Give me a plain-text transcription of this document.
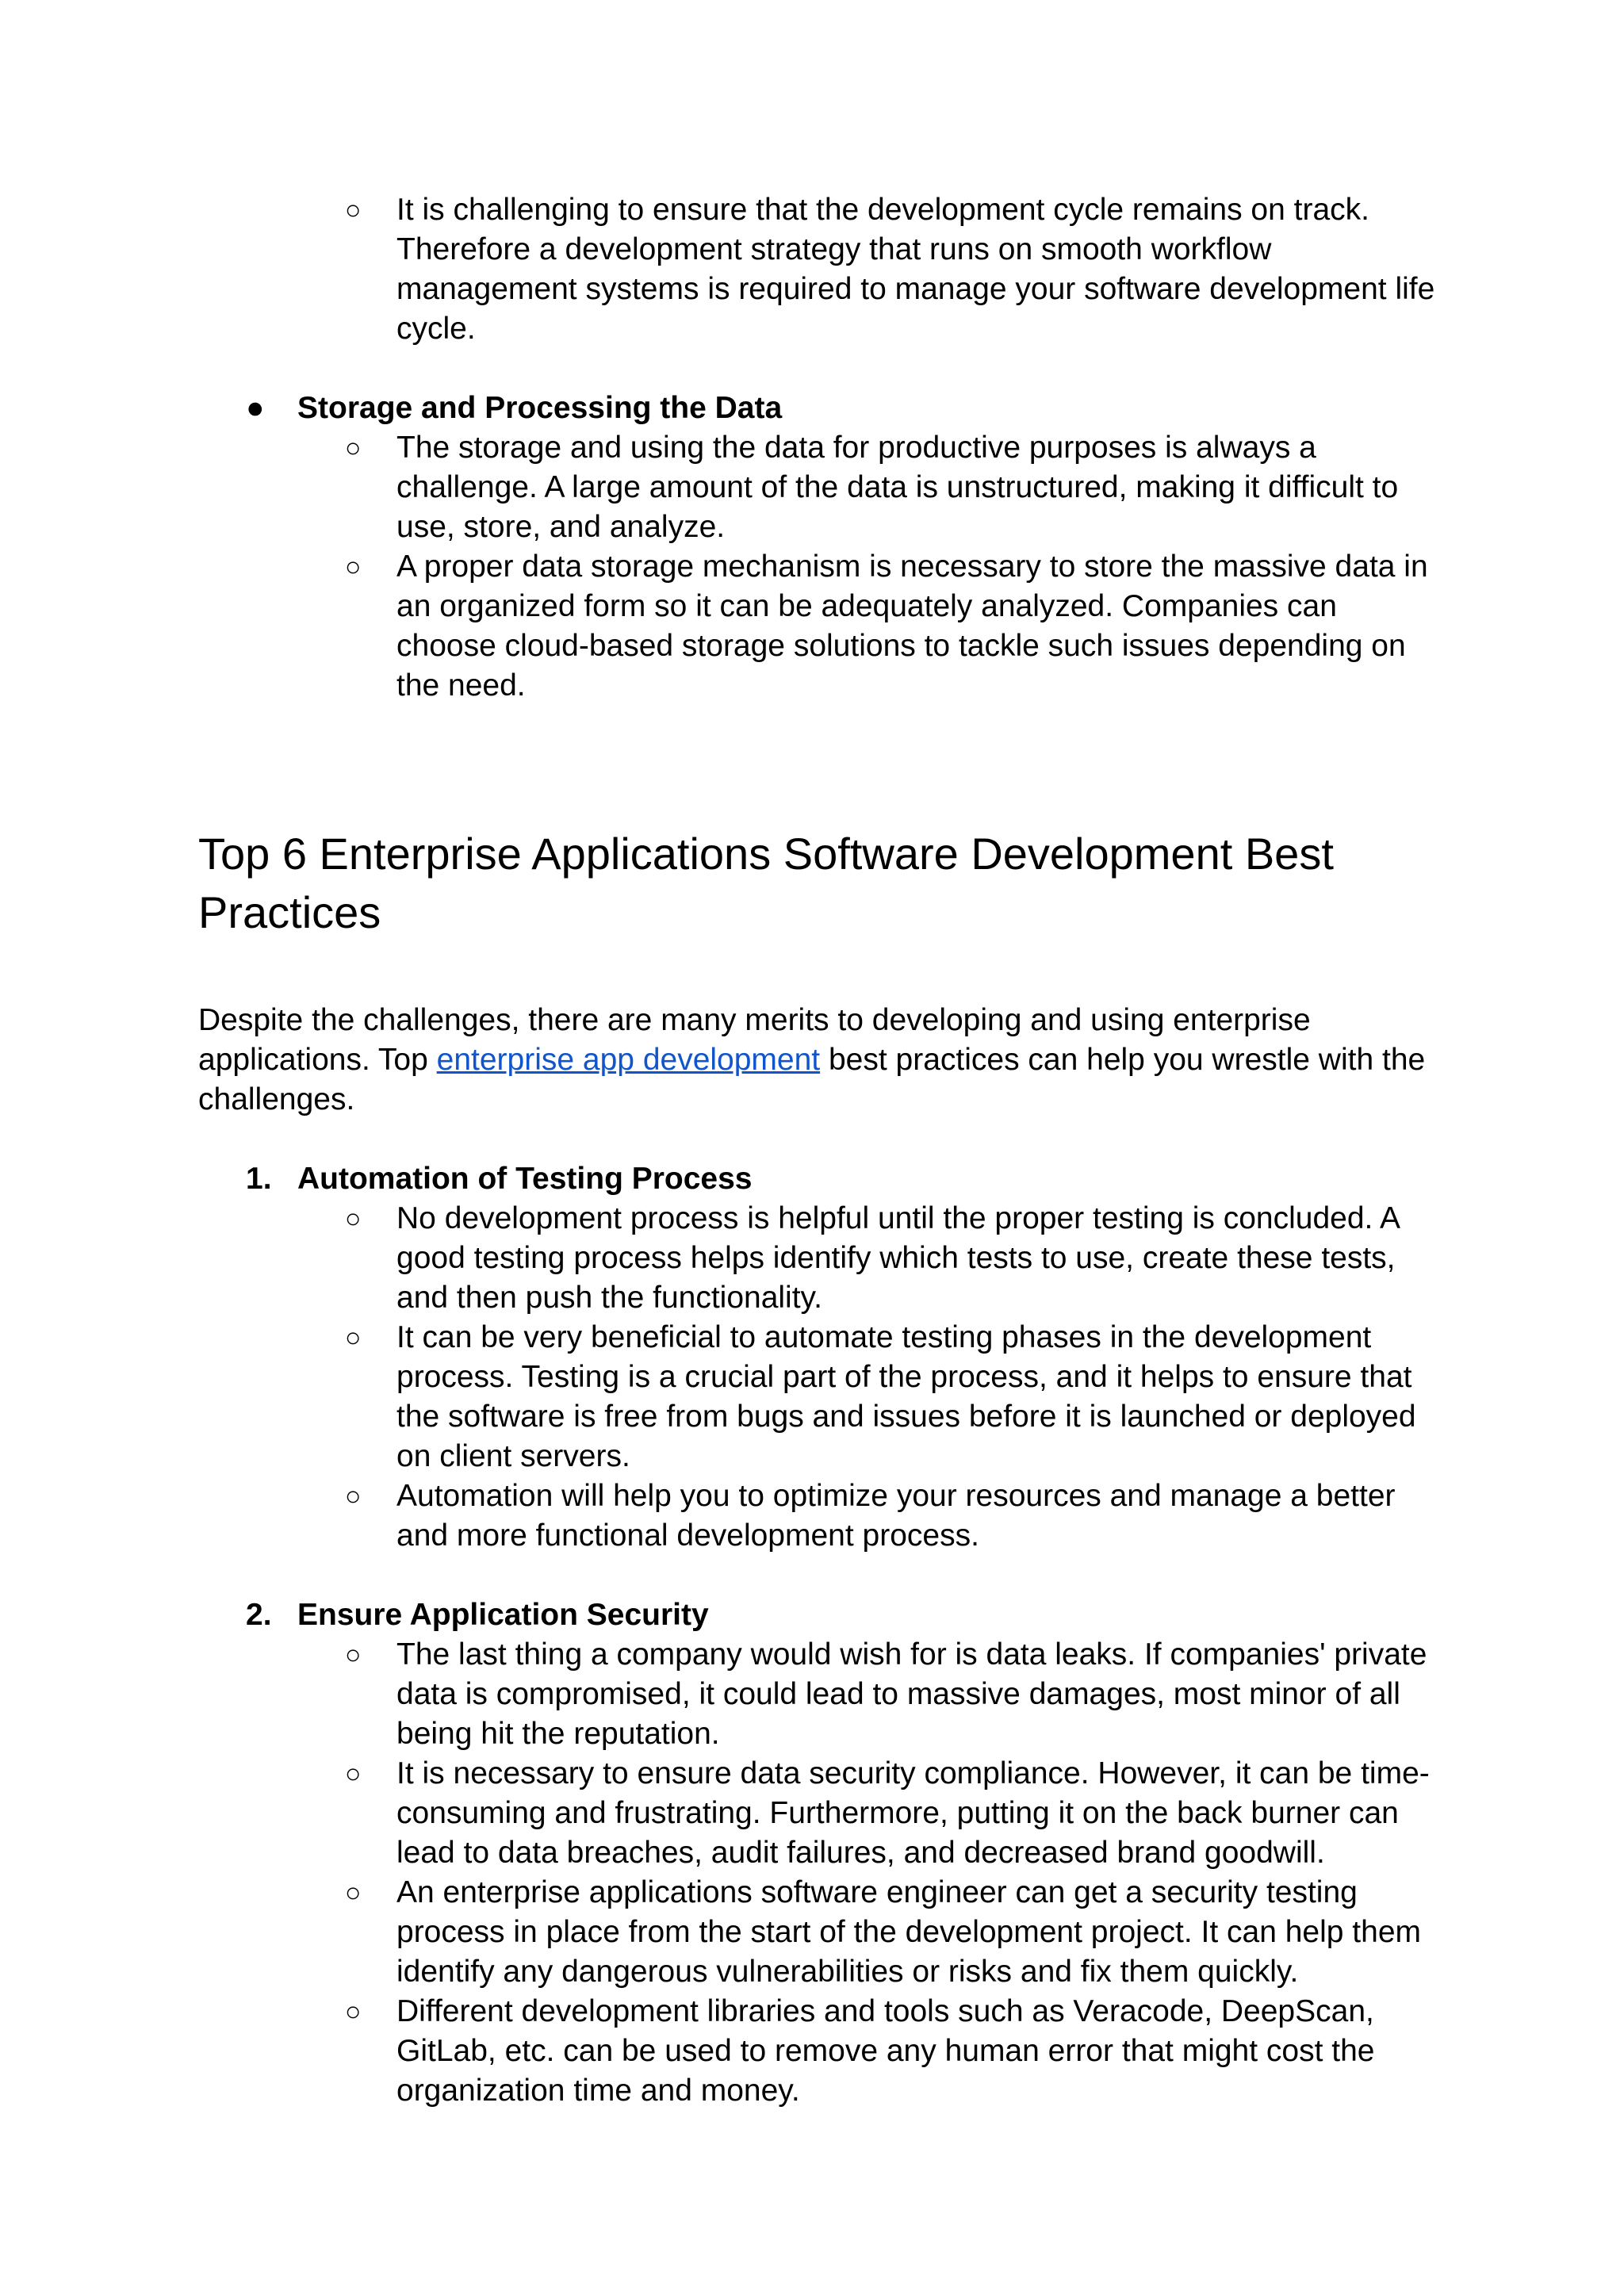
○ It is challenging to ensure that the development cycle remains on track. Therefore a development strategy that runs on smooth workflow management systems is required to manage your software development life cycle.
● Storage and Processing the Data
○ The storage and using the data for productive purposes is always a challenge. A large amount of the data is unstructured, making it difficult to use, store, and analyze.
○ A proper data storage mechanism is necessary to store the massive data in an organized form so it can be adequately analyzed. Companies can choose cloud-based storage solutions to tackle such issues depending on the need.
Top 6 Enterprise Applications Software Development Best Practices
Despite the challenges, there are many merits to developing and using enterprise applications. Top enterprise app development best practices can help you wrestle with the challenges.
1. Automation of Testing Process
○ No development process is helpful until the proper testing is concluded. A good testing process helps identify which tests to use, create these tests, and then push the functionality.
○ It can be very beneficial to automate testing phases in the development process. Testing is a crucial part of the process, and it helps to ensure that the software is free from bugs and issues before it is launched or deployed on client servers.
○ Automation will help you to optimize your resources and manage a better and more functional development process.
2. Ensure Application Security
○ The last thing a company would wish for is data leaks. If companies' private data is compromised, it could lead to massive damages, most minor of all being hit the reputation.
○ It is necessary to ensure data security compliance. However, it can be time-consuming and frustrating. Furthermore, putting it on the back burner can lead to data breaches, audit failures, and decreased brand goodwill.
○ An enterprise applications software engineer can get a security testing process in place from the start of the development project. It can help them identify any dangerous vulnerabilities or risks and fix them quickly.
○ Different development libraries and tools such as Veracode, DeepScan, GitLab, etc. can be used to remove any human error that might cost the organization time and money.
